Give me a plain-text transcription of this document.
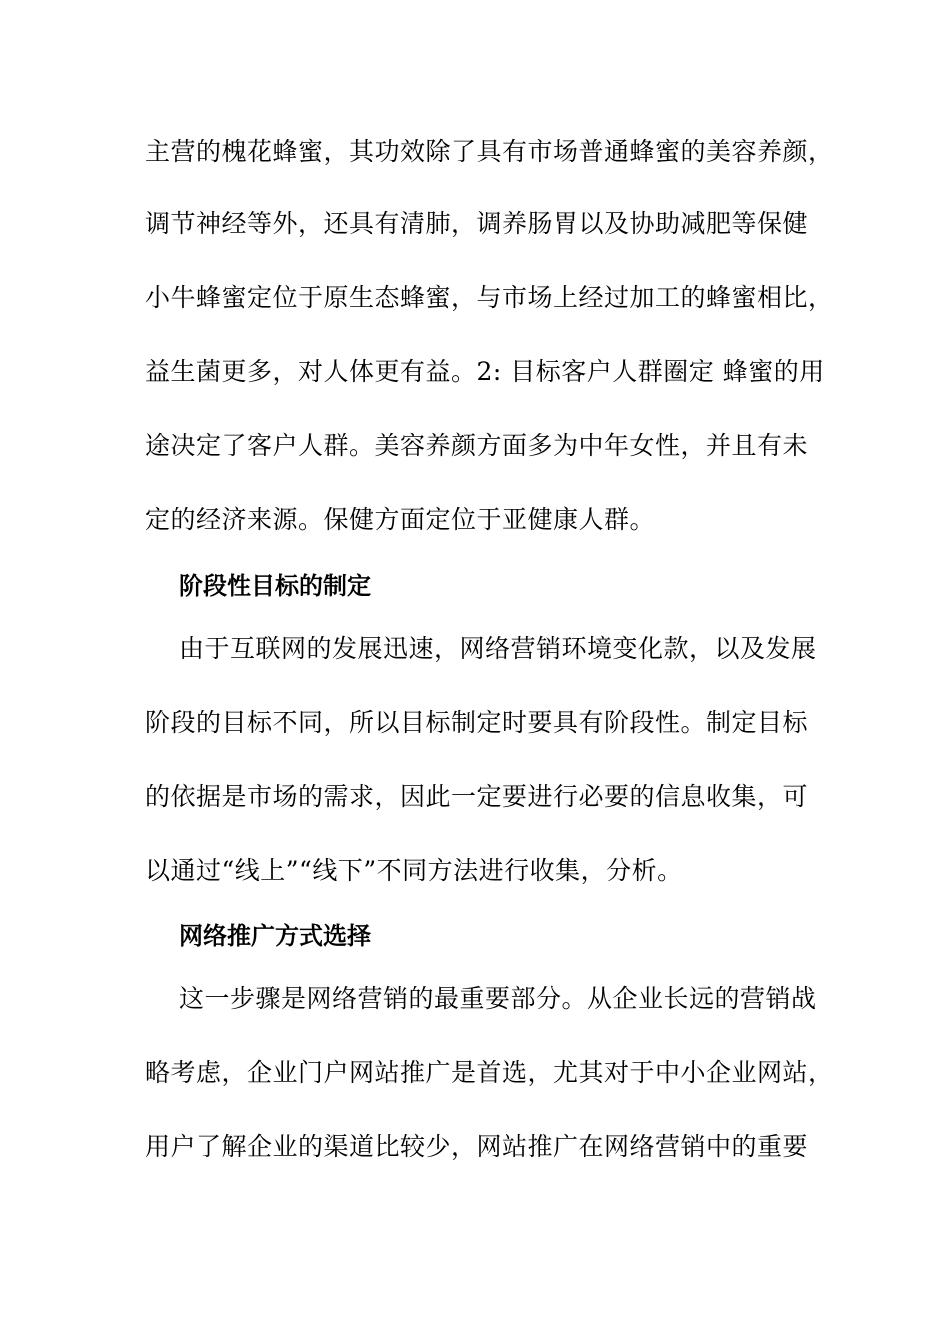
主营的槐花蜂蜜，其功效除了具有市场普通蜂蜜的美容养颜，
调节神经等外，还具有清肺，调养肠胃以及协助减肥等保健
小牛蜂蜜定位于原生态蜂蜜，与市场上经过加工的蜂蜜相比，
益生菌更多，对人体更有益。2: 目标客户人群圈定 蜂蜜的用
途决定了客户人群。美容养颜方面多为中年女性，并且有未
定的经济来源。保健方面定位于亚健康人群。
阶段性目标的制定
由于互联网的发展迅速，网络营销环境变化款，以及发展
阶段的目标不同，所以目标制定时要具有阶段性。制定目标
的依据是市场的需求，因此一定要进行必要的信息收集，可
以通过“线上”“线下”不同方法进行收集，分析。
网络推广方式选择
这一步骤是网络营销的最重要部分。从企业长远的营销战
略考虑，企业门户网站推广是首选，尤其对于中小企业网站，
用户了解企业的渠道比较少，网站推广在网络营销中的重要
